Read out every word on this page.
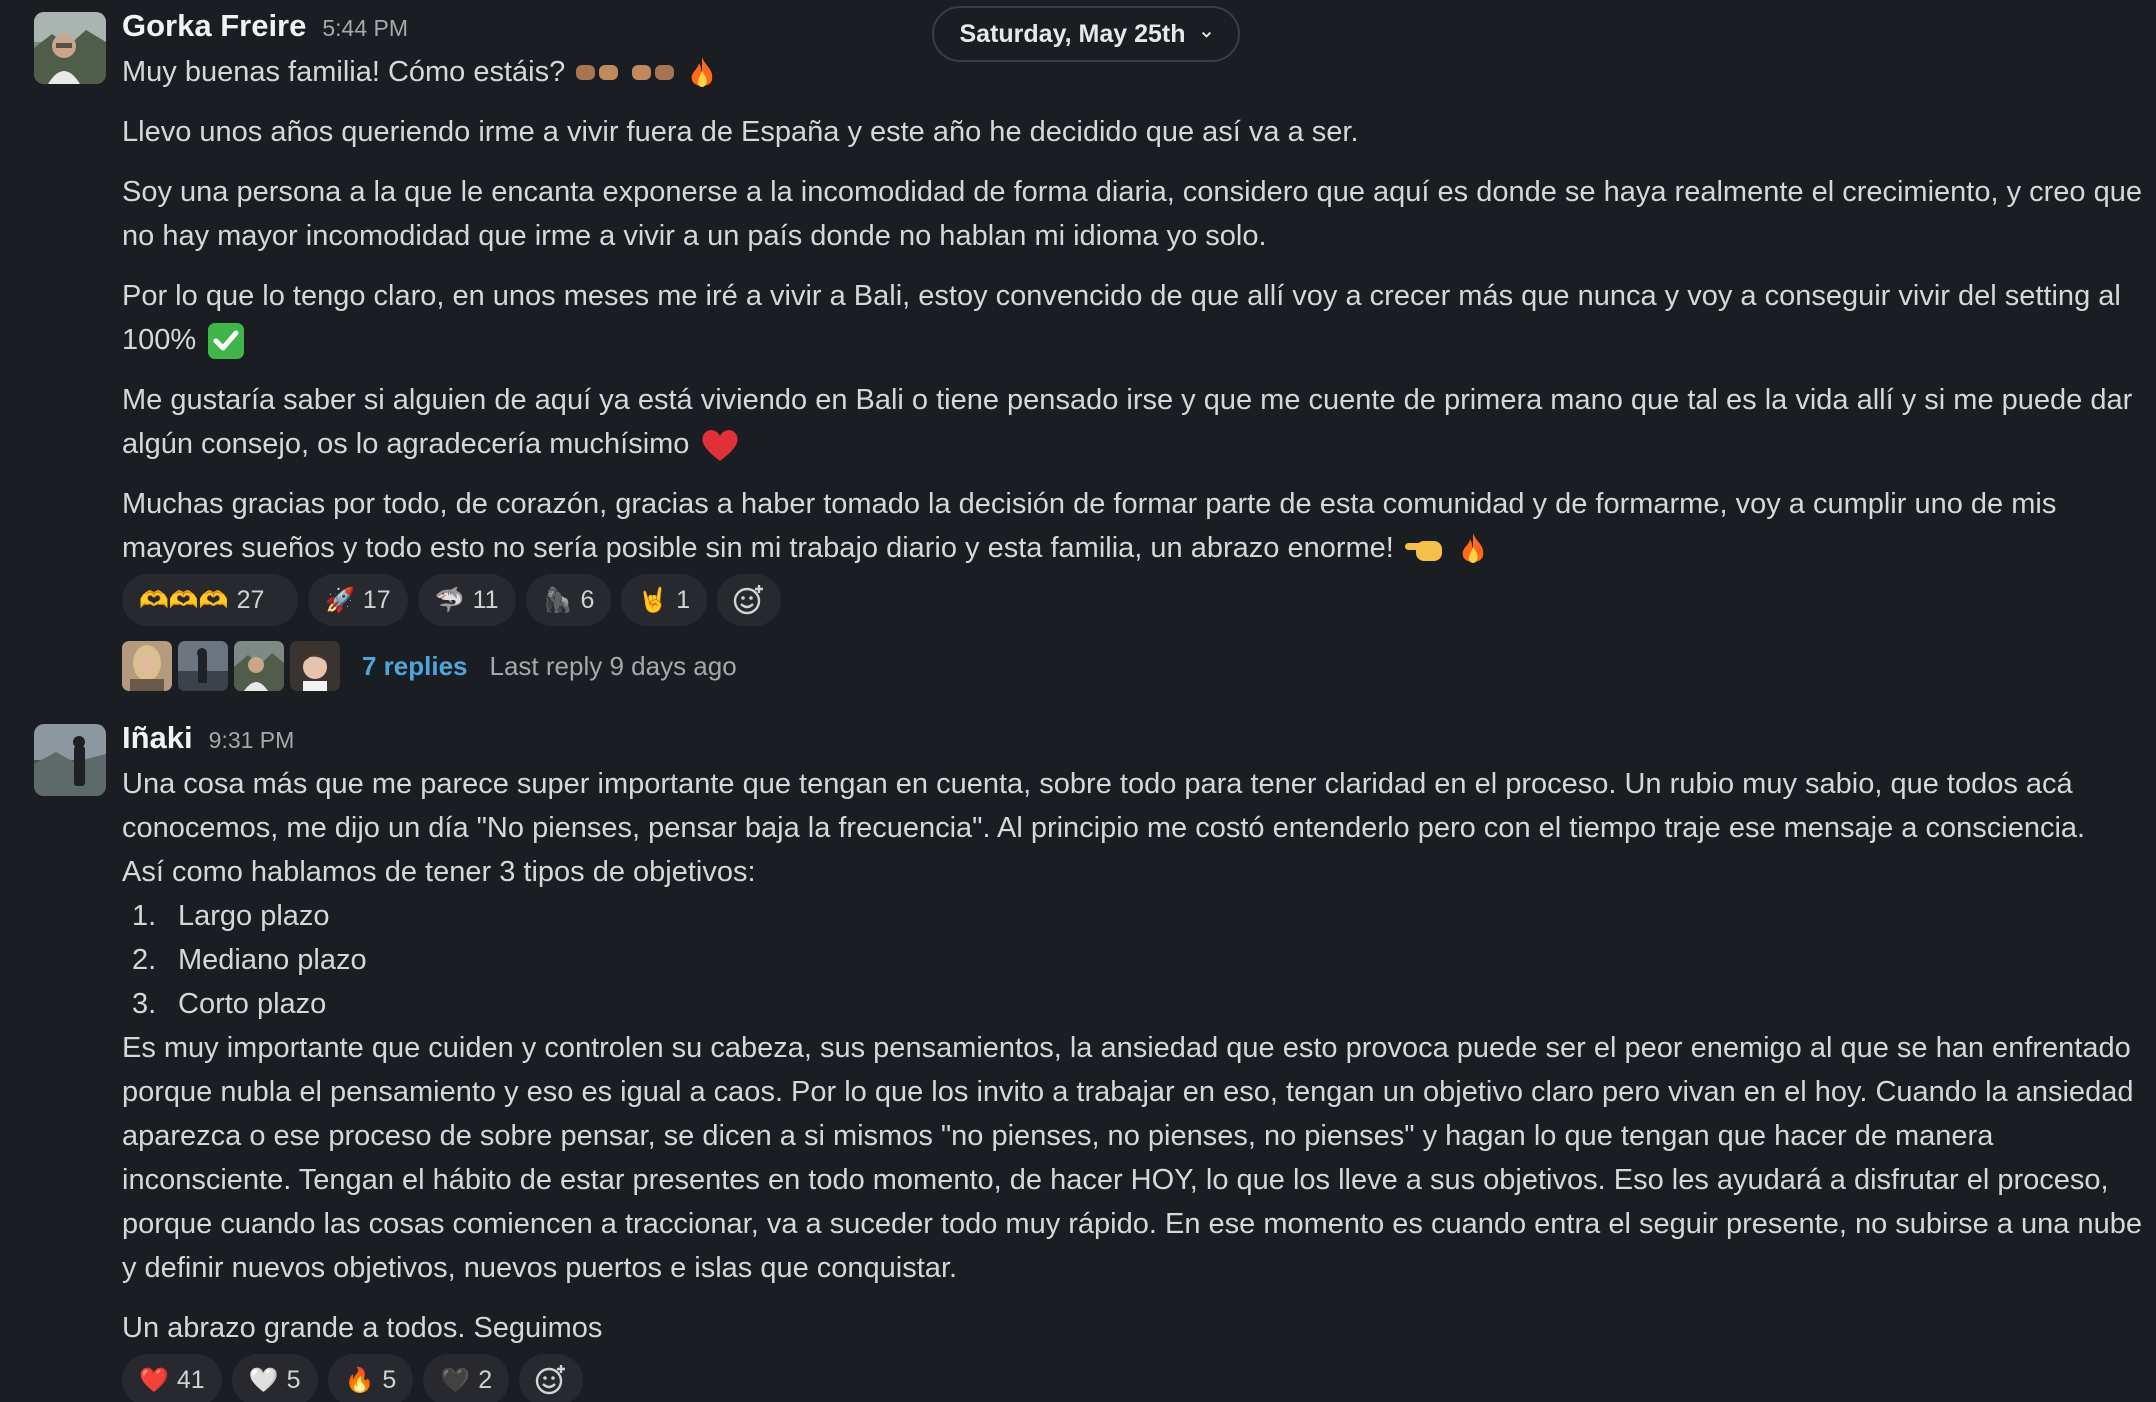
Saturday, May 25th
Gorka Freire 5:44 PM

Muy buenas familia! Cómo estáis?

Llevo unos años queriendo irme a vivir fuera de España y este año he decidido que así va a ser.

Soy una persona a la que le encanta exponerse a la incomodidad de forma diaria, considero que aquí es donde se haya realmente el crecimiento, y creo que no hay mayor incomodidad que irme a vivir a un país donde no hablan mi idioma yo solo.

Por lo que lo tengo claro, en unos meses me iré a vivir a Bali, estoy convencido de que allí voy a crecer más que nunca y voy a conseguir vivir del setting al 100%

Me gustaría saber si alguien de aquí ya está viviendo en Bali o tiene pensado irse y que me cuente de primera mano que tal es la vida allí y si me puede dar algún consejo, os lo agradecería muchísimo

Muchas gracias por todo, de corazón, gracias a haber tomado la decisión de formar parte de esta comunidad y de formarme, voy a cumplir uno de mis mayores sueños y todo esto no sería posible sin mi trabajo diario y esta familia, un abrazo enorme!

🫶🫶🫶 27	🚀 17 🦈 11 🦍 6 🤘 1
7 replies Last reply 9 days ago
Iñaki 9:31 PM

Una cosa más que me parece super importante que tengan en cuenta, sobre todo para tener claridad en el proceso. Un rubio muy sabio, que todos acá conocemos, me dijo un día "No pienses, pensar baja la frecuencia". Al principio me costó entenderlo pero con el tiempo traje ese mensaje a consciencia.

Así como hablamos de tener 3 tipos de objetivos:

1. Largo plazo
2. Mediano plazo
3. Corto plazo

Es muy importante que cuiden y controlen su cabeza, sus pensamientos, la ansiedad que esto provoca puede ser el peor enemigo al que se han enfrentado porque nubla el pensamiento y eso es igual a caos. Por lo que los invito a trabajar en eso, tengan un objetivo claro pero vivan en el hoy. Cuando la ansiedad aparezca o ese proceso de sobre pensar, se dicen a si mismos "no pienses, no pienses, no pienses" y hagan lo que tengan que hacer de manera inconsciente. Tengan el hábito de estar presentes en todo momento, de hacer HOY, lo que los lleve a sus objetivos. Eso les ayudará a disfrutar el proceso, porque cuando las cosas comiencen a traccionar, va a suceder todo muy rápido. En ese momento es cuando entra el seguir presente, no subirse a una nube y definir nuevos objetivos, nuevos puertos e islas que conquistar.

Un abrazo grande a todos. Seguimos

❤️ 41 🤍 5 🔥 5 🖤 2
